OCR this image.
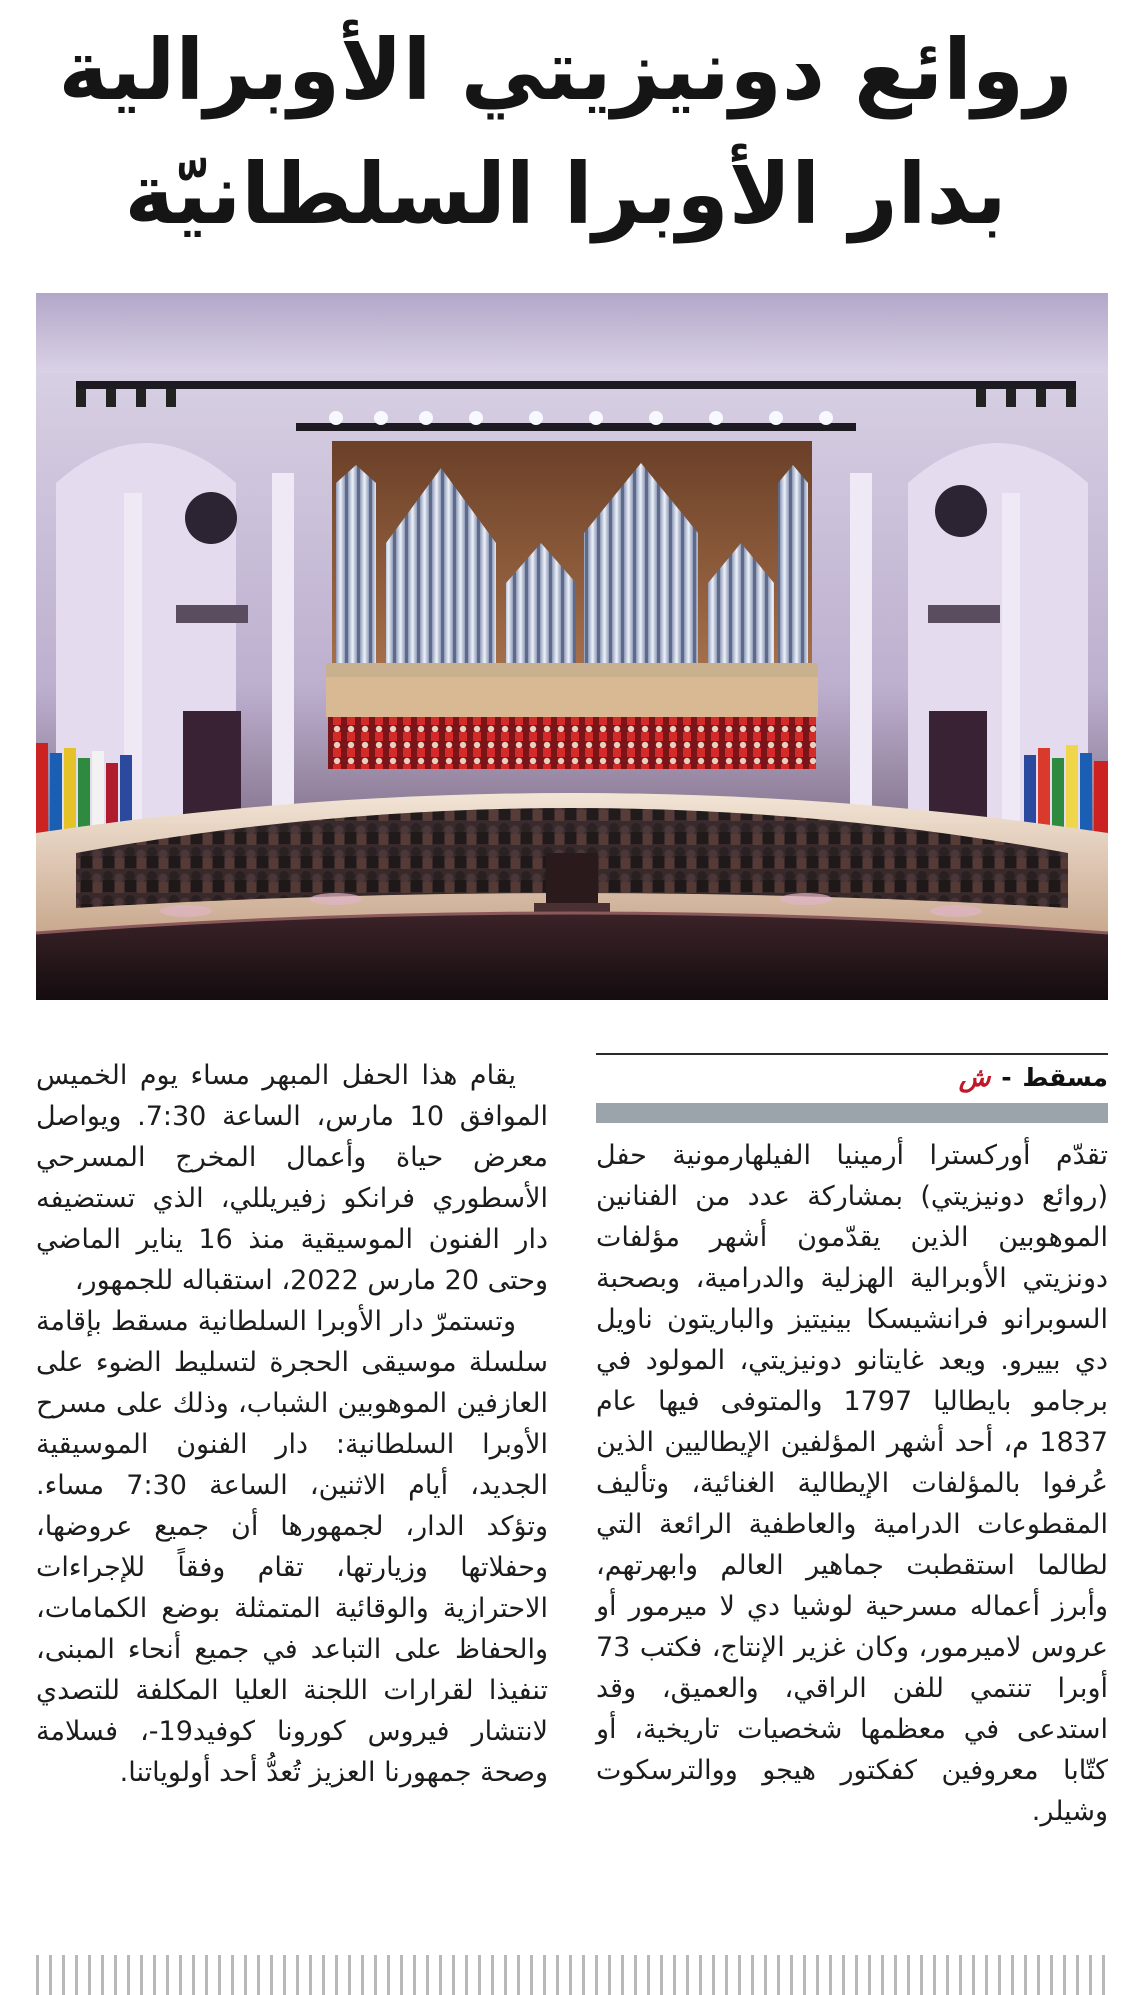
روائع دونيزيتي الأوبرالية
بدار الأوبرا السلطانيّة
مسقط - ش

تقدّم أوركسترا أرمينيا الفيلهارمونية حفل (روائع دونيزيتي) بمشاركة عدد من الفنانين الموهوبين الذين يقدّمون أشهر مؤلفات دونزيتي الأوبرالية الهزلية والدرامية، وبصحبة السوبرانو فرانشيسكا بينيتيز والباريتون ناويل دي بييرو. ويعد غايتانو دونيزيتي، المولود في برجامو بايطاليا 1797 والمتوفى فيها عام 1837 م، أحد أشهر المؤلفين الإيطاليين الذين عُرفوا بالمؤلفات الإيطالية الغنائية، وتأليف المقطوعات الدرامية والعاطفية الرائعة التي لطالما استقطبت جماهير العالم وابهرتهم، وأبرز أعماله مسرحية لوشيا دي لا ميرمور أو عروس لاميرمور، وكان غزير الإنتاج، فكتب 73 أوبرا تنتمي للفن الراقي، والعميق، وقد استدعى في معظمها شخصيات تاريخية، أو كتّابا معروفين كفكتور هيجو ووالترسكوت وشيلر.

يقام هذا الحفل المبهر مساء يوم الخميس الموافق 10 مارس، الساعة 7:30. ويواصل معرض حياة وأعمال المخرج المسرحي الأسطوري فرانكو زفيريللي، الذي تستضيفه دار الفنون الموسيقية منذ 16 يناير الماضي وحتى 20 مارس 2022، استقباله للجمهور،

وتستمرّ دار الأوبرا السلطانية مسقط بإقامة سلسلة موسيقى الحجرة لتسليط الضوء على العازفين الموهوبين الشباب، وذلك على مسرح الأوبرا السلطانية: دار الفنون الموسيقية الجديد، أيام الاثنين، الساعة 7:30 مساء. وتؤكد الدار، لجمهورها أن جميع عروضها، وحفلاتها وزيارتها، تقام وفقاً للإجراءات الاحترازية والوقائية المتمثلة بوضع الكمامات، والحفاظ على التباعد في جميع أنحاء المبنى، تنفيذا لقرارات اللجنة العليا المكلفة للتصدي لانتشار فيروس كورونا كوفيد19-، فسلامة وصحة جمهورنا العزيز تُعدُّ أحد أولوياتنا.
